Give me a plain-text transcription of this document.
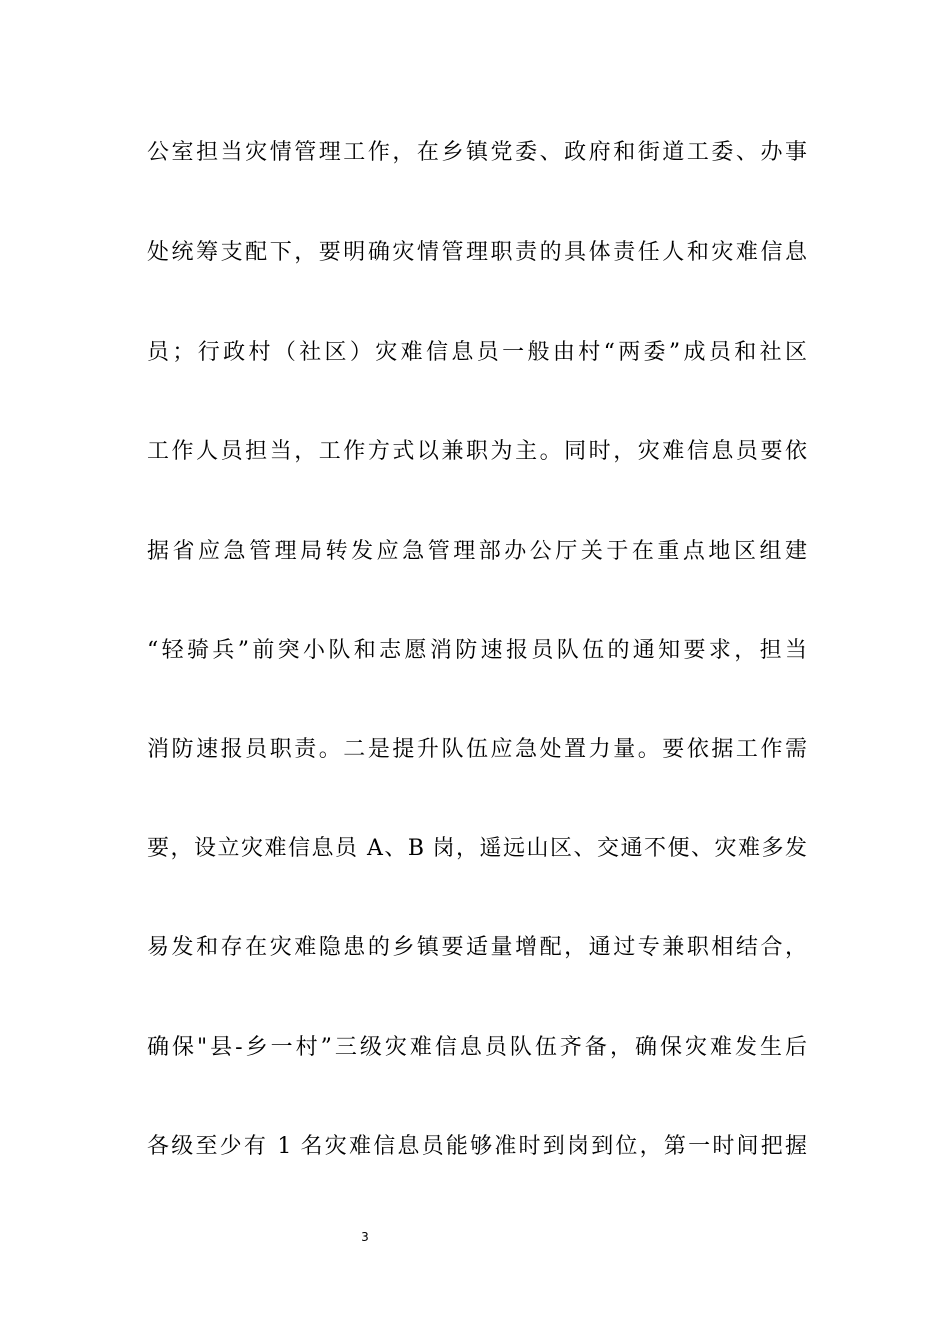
公室担当灾情管理工作，在乡镇党委、政府和街道工委、办事
处统筹支配下，要明确灾情管理职责的具体责任人和灾难信息
员；行政村（社区）灾难信息员一般由村“两委”成员和社区
工作人员担当，工作方式以兼职为主。同时，灾难信息员要依
据省应急管理局转发应急管理部办公厅关于在重点地区组建
“轻骑兵”前突小队和志愿消防速报员队伍的通知要求，担当
消防速报员职责。二是提升队伍应急处置力量。要依据工作需
要，设立灾难信息员 A、B 岗，遥远山区、交通不便、灾难多发
易发和存在灾难隐患的乡镇要适量增配，通过专兼职相结合，
确保"县-乡一村”三级灾难信息员队伍齐备，确保灾难发生后
各级至少有 1 名灾难信息员能够准时到岗到位，第一时间把握
3
